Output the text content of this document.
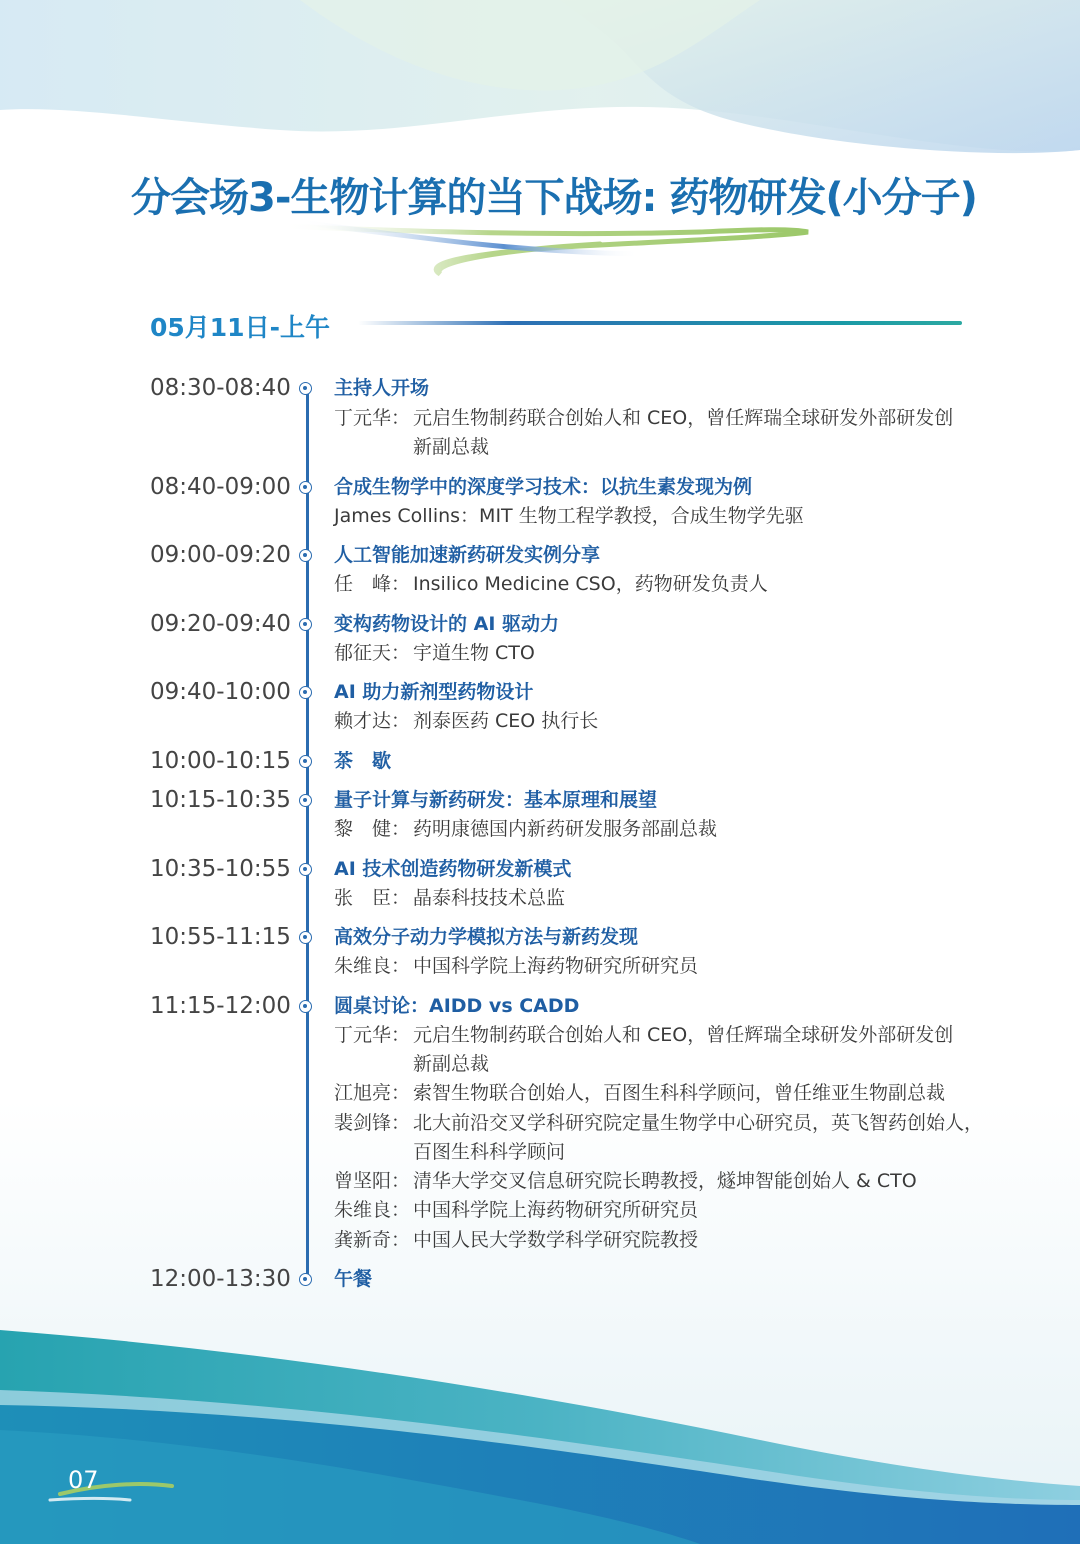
分会场3-生物计算的当下战场: 药物研发(小分子)
05月11日-上午
08:30-08:40 主持人开场
丁元华： 元启生物制药联合创始人和 CEO，曾任辉瑞全球研发外部研发创
新副总裁
08:40-09:00 合成生物学中的深度学习技术：以抗生素发现为例
James Collins：MIT 生物工程学教授，合成生物学先驱
09:00-09:20 人工智能加速新药研发实例分享
任　峰： Insilico Medicine CSO，药物研发负责人
09:20-09:40 变构药物设计的 AI 驱动力
郁征天： 宇道生物 CTO
09:40-10:00 AI 助力新剂型药物设计
赖才达： 剂泰医药 CEO 执行长
10:00-10:15 茶　歇
10:15-10:35 量子计算与新药研发：基本原理和展望
黎　健： 药明康德国内新药研发服务部副总裁
10:35-10:55 AI 技术创造药物研发新模式
张　臣： 晶泰科技技术总监
10:55-11:15 高效分子动力学模拟方法与新药发现
朱维良： 中国科学院上海药物研究所研究员
11:15-12:00 圆桌讨论：AIDD vs CADD
丁元华： 元启生物制药联合创始人和 CEO，曾任辉瑞全球研发外部研发创
新副总裁
江旭亮： 索智生物联合创始人，百图生科科学顾问，曾任维亚生物副总裁
裴剑锋： 北大前沿交叉学科研究院定量生物学中心研究员，英飞智药创始人，
百图生科科学顾问
曾坚阳： 清华大学交叉信息研究院长聘教授，燧坤智能创始人 & CTO
朱维良： 中国科学院上海药物研究所研究员
龚新奇： 中国人民大学数学科学研究院教授
12:00-13:30 午餐
07
